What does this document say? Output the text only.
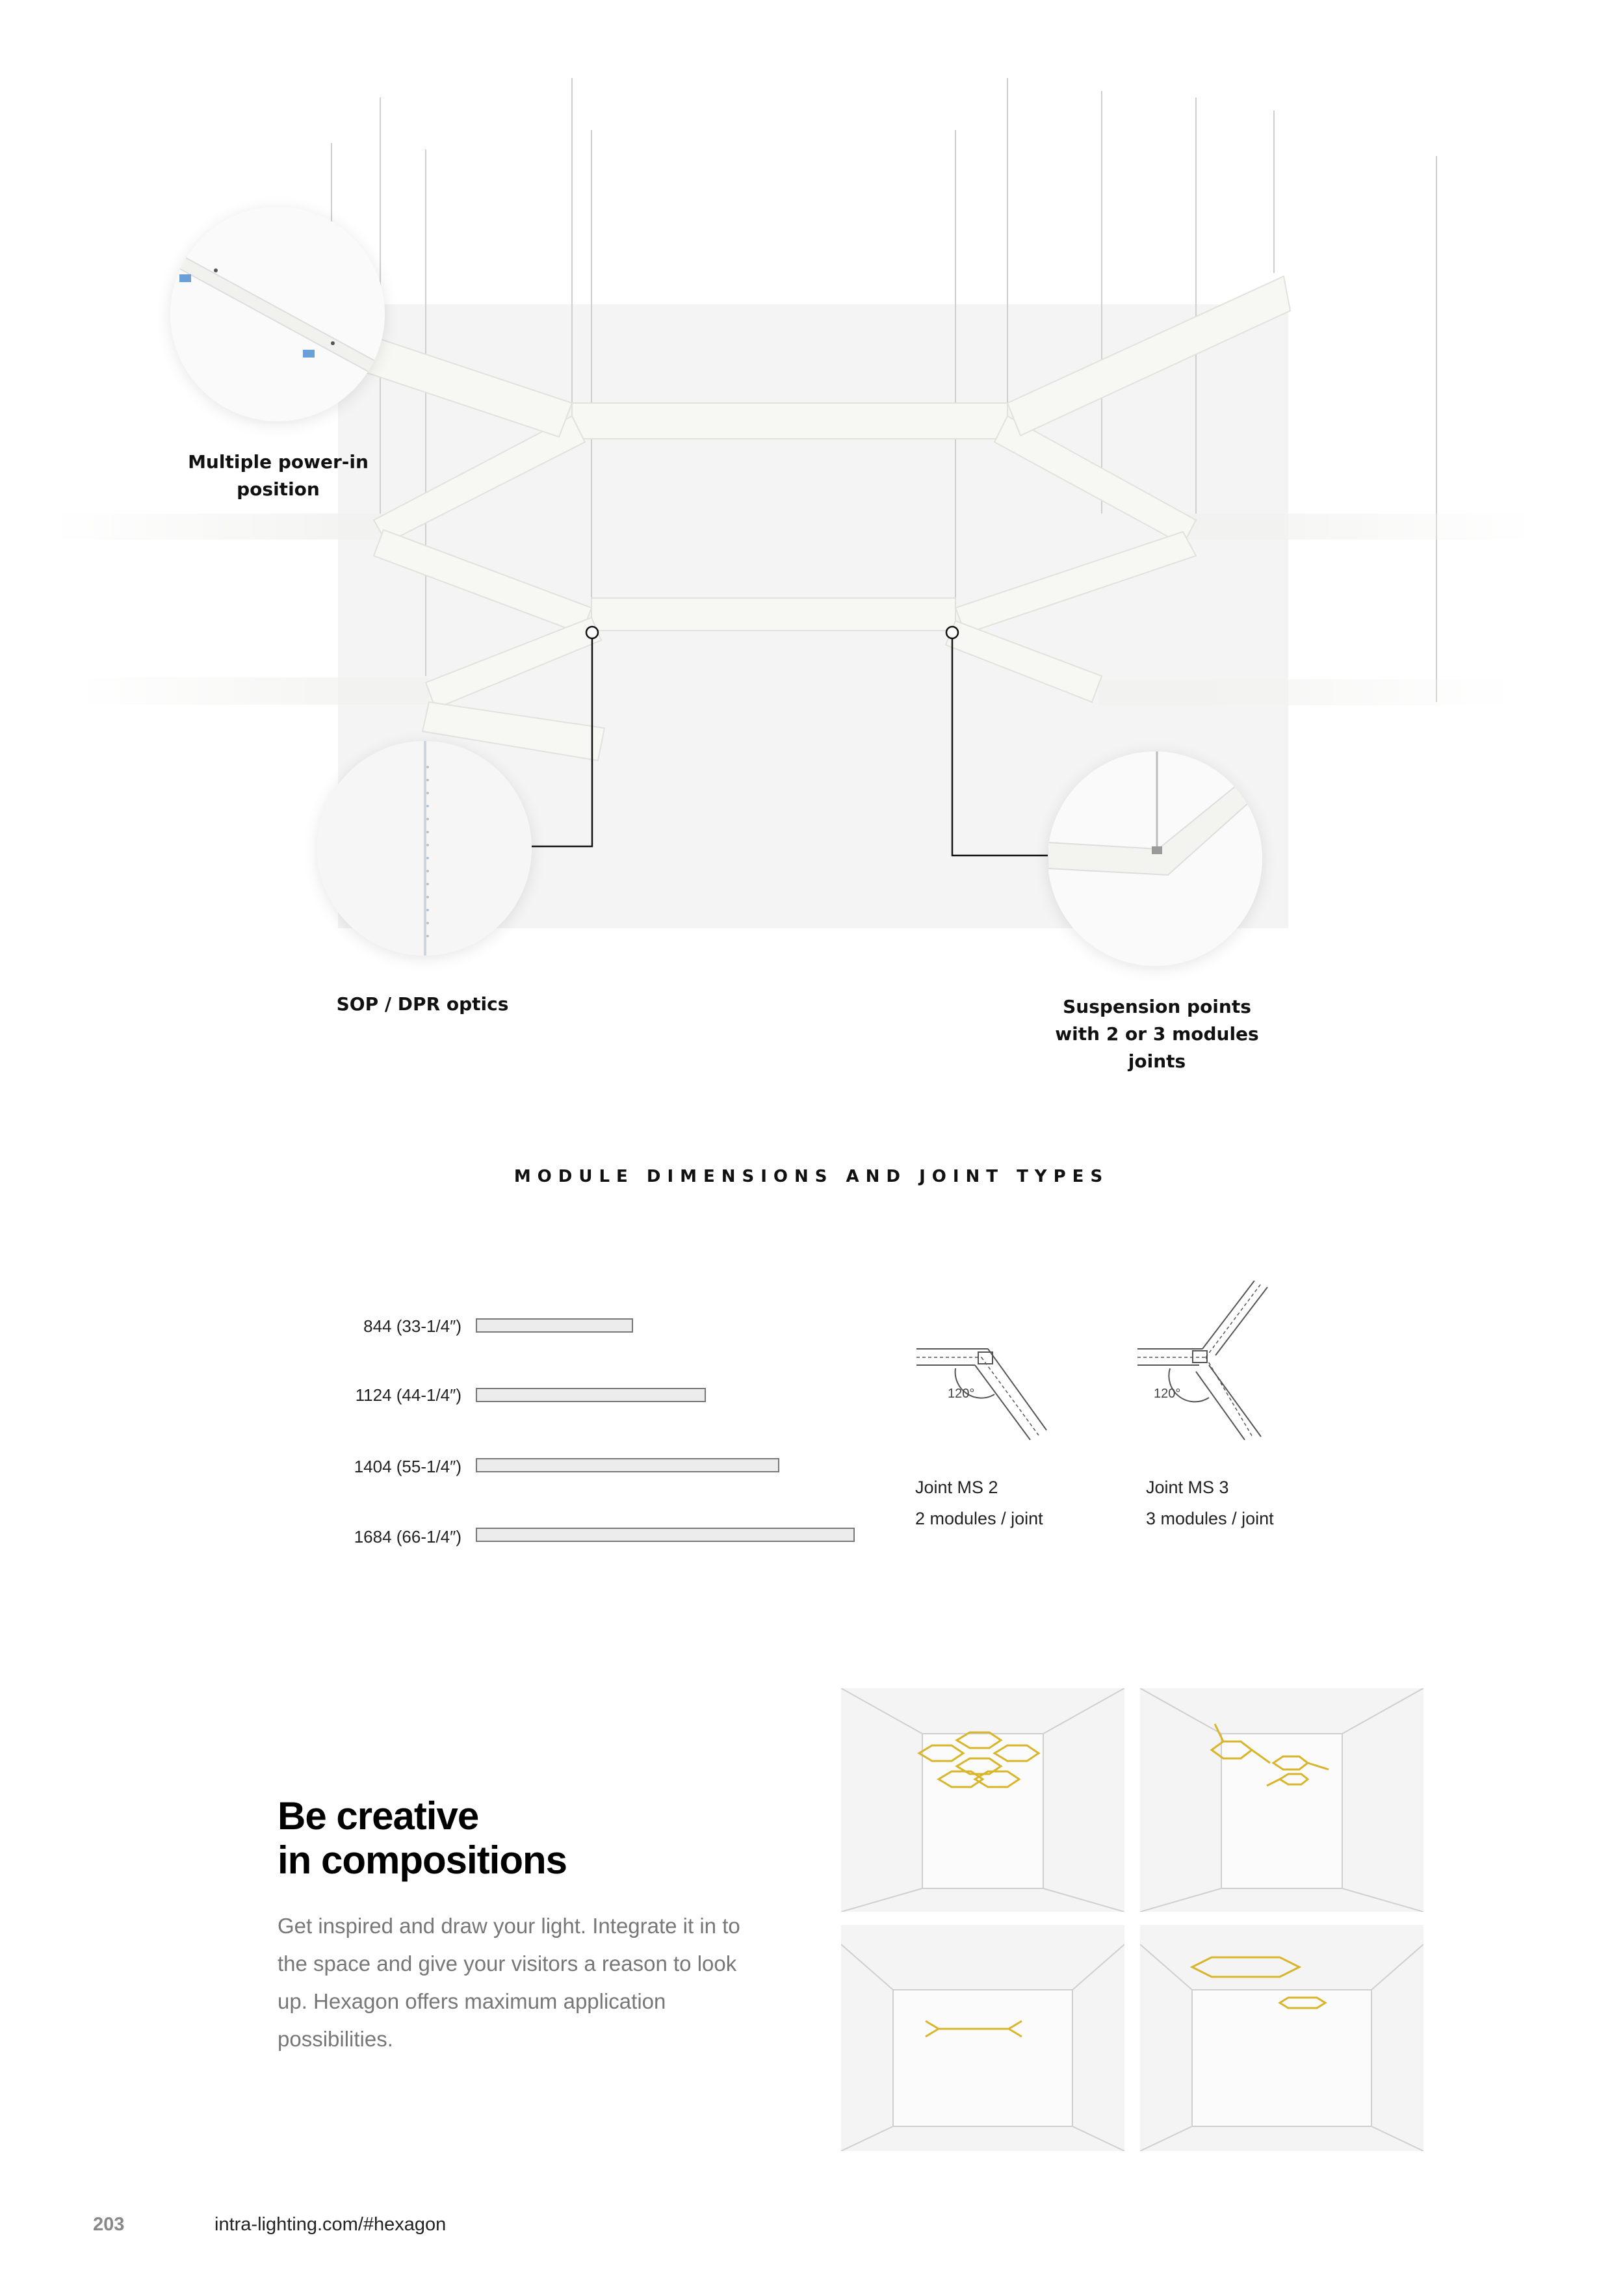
Multiple power-in position
SOP / DPR optics	Suspension points with 2 or 3 modules joints
MODULE DIMENSIONS AND JOINT TYPES
844 (33-1/4″)
1124 (44-1/4″)
1404 (55-1/4″)
1684 (66-1/4″)
120°	120°
Joint MS 2
2 modules / joint
Joint MS 3
3 modules / joint
Be creative
in compositions
Get inspired and draw your light. Integrate it in to the space and give your visitors a reason to look up. Hexagon offers maximum application possibilities.
203	intra-lighting.com/#hexagon
